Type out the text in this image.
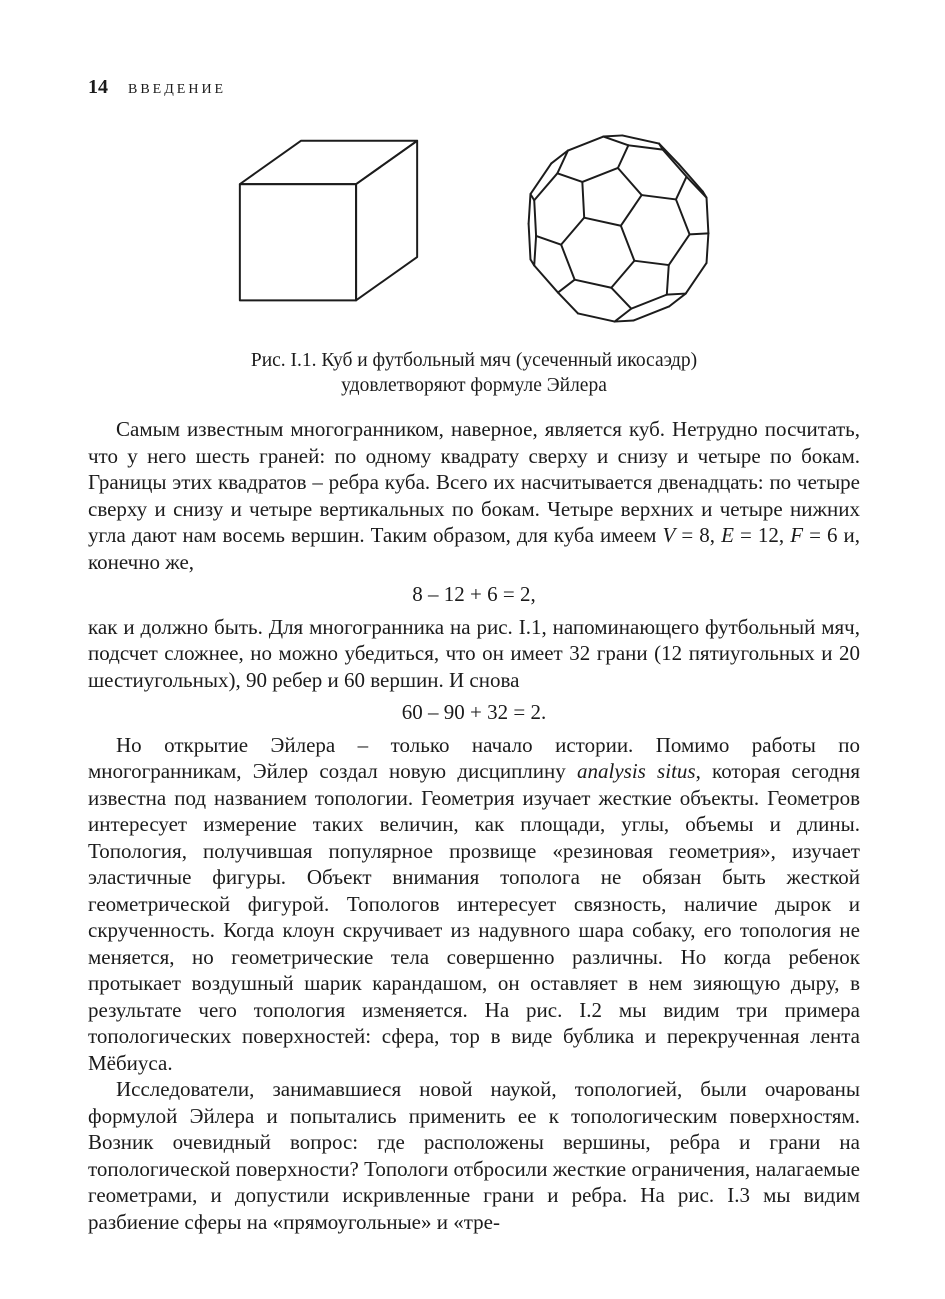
14 ВВЕДЕНИЕ
Рис. I.1. Куб и футбольный мяч (усеченный икосаэдр)
удовлетворяют формуле Эйлера

Самым известным многогранником, наверное, является куб. Нетрудно посчитать, что у него шесть граней: по одному квадрату сверху и снизу и четыре по бокам. Границы этих квадратов – ребра куба. Всего их насчитывается двенадцать: по четыре сверху и снизу и четыре вертикальных по бокам. Четыре верхних и четыре нижних угла дают нам восемь вершин. Таким образом, для куба имеем V = 8, E = 12, F = 6 и, конечно же,

8 – 12 + 6 = 2,

как и должно быть. Для многогранника на рис. I.1, напоминающего футбольный мяч, подсчет сложнее, но можно убедиться, что он имеет 32 грани (12 пятиугольных и 20 шестиугольных), 90 ребер и 60 вершин. И снова

60 – 90 + 32 = 2.

Но открытие Эйлера – только начало истории. Помимо работы по многогранникам, Эйлер создал новую дисциплину analysis situs, которая сегодня известна под названием топологии. Геометрия изучает жесткие объекты. Геометров интересует измерение таких величин, как площади, углы, объемы и длины. Топология, получившая популярное прозвище «резиновая геометрия», изучает эластичные фигуры. Объект внимания тополога не обязан быть жесткой геометрической фигурой. Топологов интересует связность, наличие дырок и скрученность. Когда клоун скручивает из надувного шара собаку, его топология не меняется, но геометрические тела совершенно различны. Но когда ребенок протыкает воздушный шарик карандашом, он оставляет в нем зияющую дыру, в результате чего топология изменяется. На рис. I.2 мы видим три примера топологических поверхностей: сфера, тор в виде бублика и перекрученная лента Мёбиуса.

Исследователи, занимавшиеся новой наукой, топологией, были очарованы формулой Эйлера и попытались применить ее к топологическим поверхностям. Возник очевидный вопрос: где расположены вершины, ребра и грани на топологической поверхности? Топологи отбросили жесткие ограничения, налагаемые геометрами, и допустили искривленные грани и ребра. На рис. I.3 мы видим разбиение сферы на «прямоугольные» и «тре-
